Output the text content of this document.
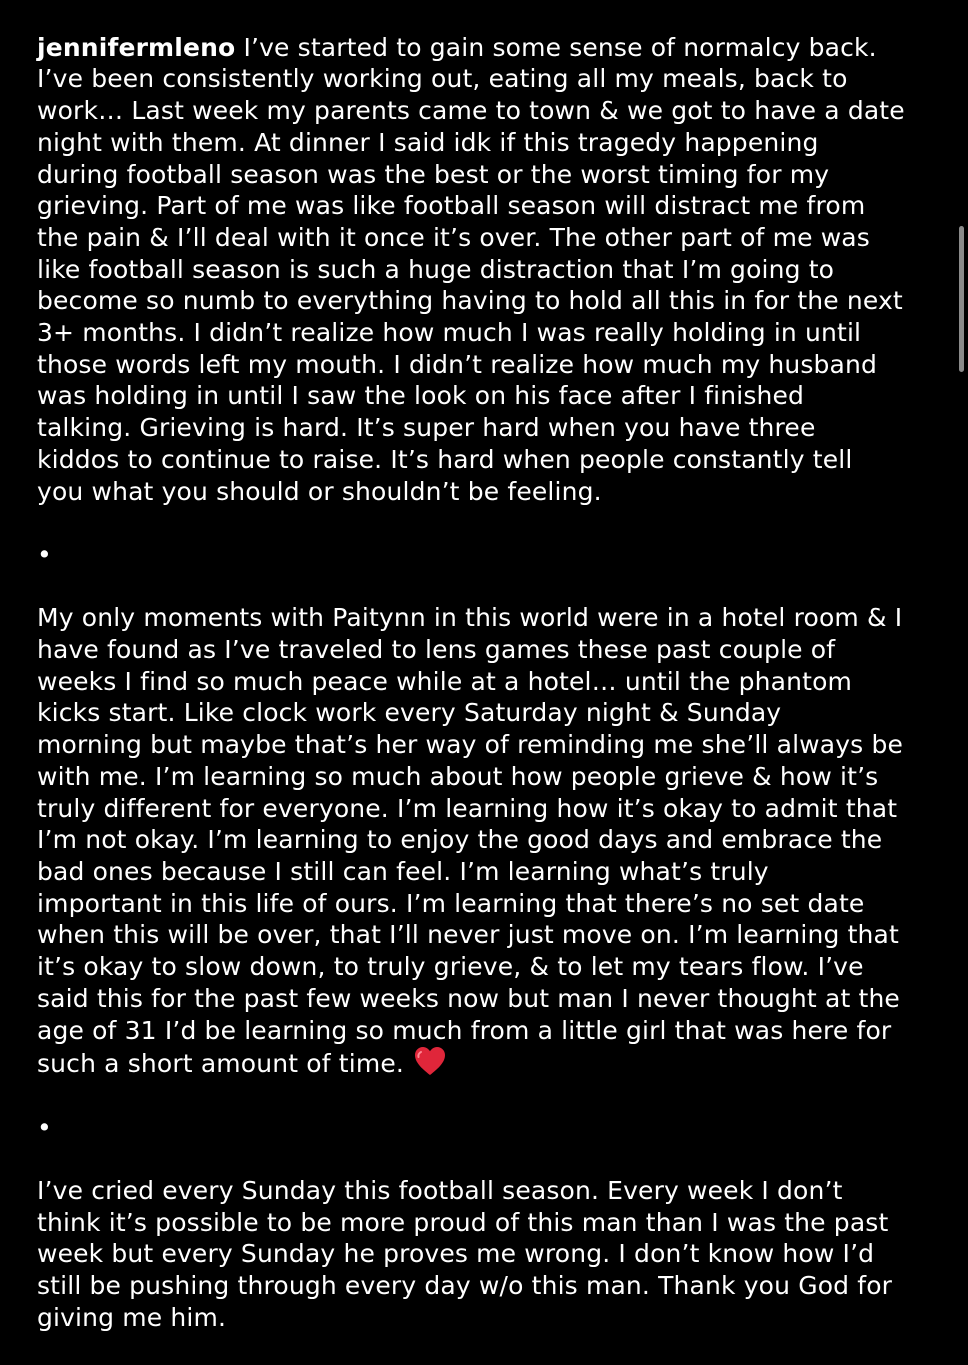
jennifermleno I’ve started to gain some sense of normalcy back.
I’ve been consistently working out, eating all my meals, back to
work… Last week my parents came to town & we got to have a date
night with them. At dinner I said idk if this tragedy happening
during football season was the best or the worst timing for my
grieving. Part of me was like football season will distract me from
the pain & I’ll deal with it once it’s over. The other part of me was
like football season is such a huge distraction that I’m going to
become so numb to everything having to hold all this in for the next
3+ months. I didn’t realize how much I was really holding in until
those words left my mouth. I didn’t realize how much my husband
was holding in until I saw the look on his face after I finished
talking. Grieving is hard. It’s super hard when you have three
kiddos to continue to raise. It’s hard when people constantly tell
you what you should or shouldn’t be feeling.

•

My only moments with Paitynn in this world were in a hotel room & I
have found as I’ve traveled to lens games these past couple of
weeks I find so much peace while at a hotel… until the phantom
kicks start. Like clock work every Saturday night & Sunday
morning but maybe that’s her way of reminding me she’ll always be
with me. I’m learning so much about how people grieve & how it’s
truly different for everyone. I’m learning how it’s okay to admit that
I’m not okay. I’m learning to enjoy the good days and embrace the
bad ones because I still can feel. I’m learning what’s truly
important in this life of ours. I’m learning that there’s no set date
when this will be over, that I’ll never just move on. I’m learning that
it’s okay to slow down, to truly grieve, & to let my tears flow. I’ve
said this for the past few weeks now but man I never thought at the
age of 31 I’d be learning so much from a little girl that was here for
such a short amount of time.

•

I’ve cried every Sunday this football season. Every week I don’t
think it’s possible to be more proud of this man than I was the past
week but every Sunday he proves me wrong. I don’t know how I’d
still be pushing through every day w/o this man. Thank you God for
giving me him.
